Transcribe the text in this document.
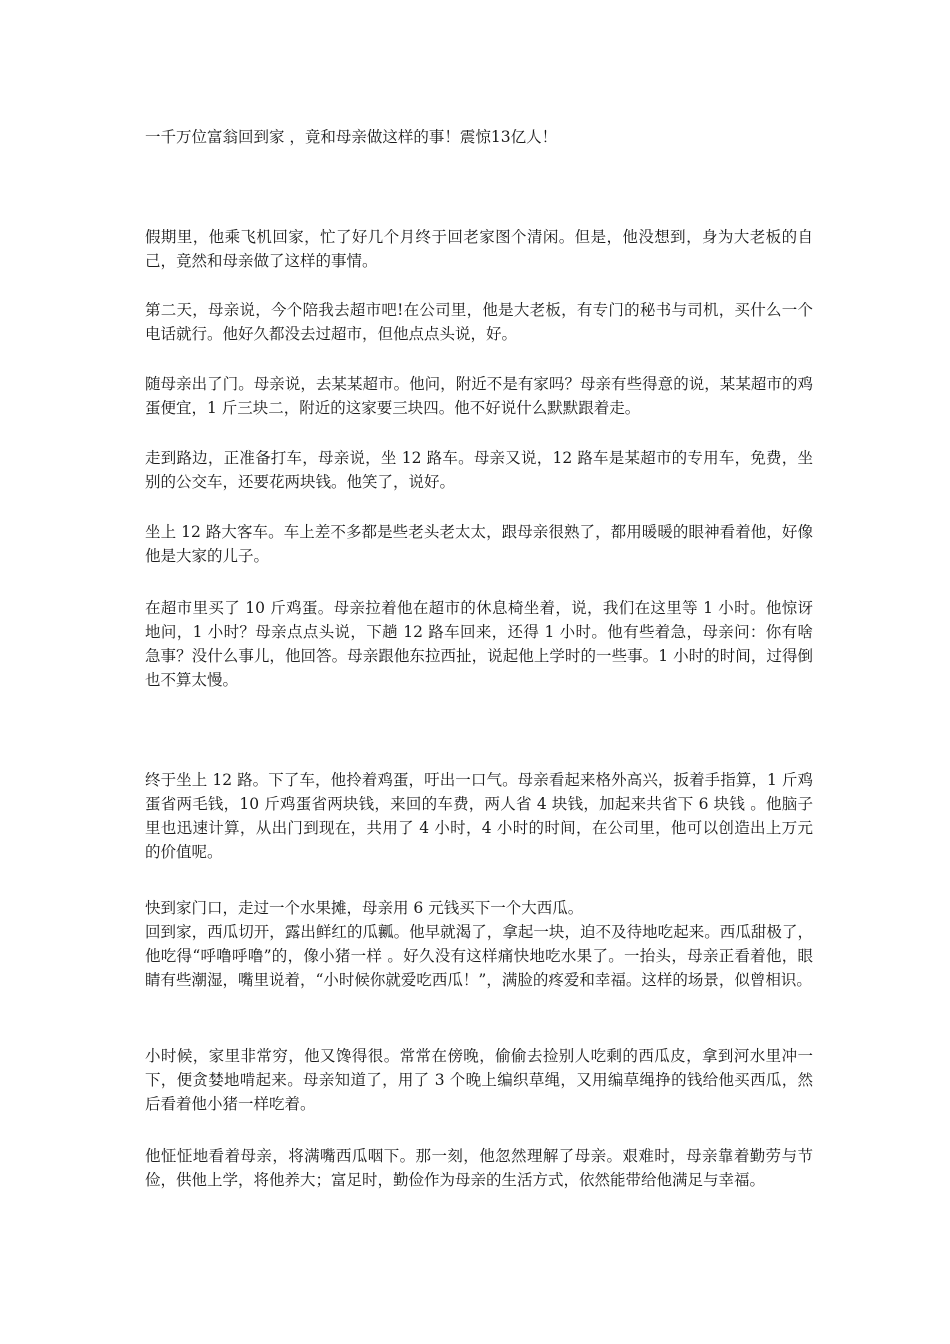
一千万位富翁回到家 ，竟和母亲做这样的事！震惊13亿人！

假期里，他乘飞机回家，忙了好几个月终于回老家图个清闲。但是，他没想到，身为大老板的自己，竟然和母亲做了这样的事情。

第二天，母亲说，今个陪我去超市吧!在公司里，他是大老板，有专门的秘书与司机，买什么一个电话就行。他好久都没去过超市，但他点点头说，好。

随母亲出了门。母亲说，去某某超市。他问，附近不是有家吗？母亲有些得意的说，某某超市的鸡蛋便宜，1 斤三块二，附近的这家要三块四。他不好说什么默默跟着走。

走到路边，正准备打车，母亲说，坐 12 路车。母亲又说，12 路车是某超市的专用车，免费，坐别的公交车，还要花两块钱。他笑了，说好。

坐上 12 路大客车。车上差不多都是些老头老太太，跟母亲很熟了，都用暖暖的眼神看着他，好像他是大家的儿子。

在超市里买了 10 斤鸡蛋。母亲拉着他在超市的休息椅坐着，说，我们在这里等 1 小时。他惊讶地问，1 小时？母亲点点头说，下趟 12 路车回来，还得 1 小时。他有些着急，母亲问：你有啥急事？没什么事儿，他回答。母亲跟他东拉西扯，说起他上学时的一些事。1 小时的时间，过得倒也不算太慢。

终于坐上 12 路。下了车，他拎着鸡蛋，吁出一口气。母亲看起来格外高兴，扳着手指算，1 斤鸡蛋省两毛钱，10 斤鸡蛋省两块钱，来回的车费，两人省 4 块钱，加起来共省下 6 块钱 。他脑子里也迅速计算，从出门到现在，共用了 4 小时，4 小时的时间，在公司里，他可以创造出上万元的价值呢。

快到家门口，走过一个水果摊，母亲用 6 元钱买下一个大西瓜。

回到家，西瓜切开，露出鲜红的瓜瓤。他早就渴了，拿起一块，迫不及待地吃起来。西瓜甜极了，他吃得“呼噜呼噜”的，像小猪一样 。好久没有这样痛快地吃水果了。一抬头，母亲正看着他，眼睛有些潮湿，嘴里说着，“小时候你就爱吃西瓜！”，满脸的疼爱和幸福。这样的场景，似曾相识。

小时候，家里非常穷，他又馋得很。常常在傍晚，偷偷去捡别人吃剩的西瓜皮，拿到河水里冲一下，便贪婪地啃起来。母亲知道了，用了 3 个晚上编织草绳，又用编草绳挣的钱给他买西瓜，然后看着他小猪一样吃着。

他怔怔地看着母亲，将满嘴西瓜咽下。那一刻，他忽然理解了母亲。艰难时，母亲靠着勤劳与节俭，供他上学，将他养大；富足时，勤俭作为母亲的生活方式，依然能带给他满足与幸福。
